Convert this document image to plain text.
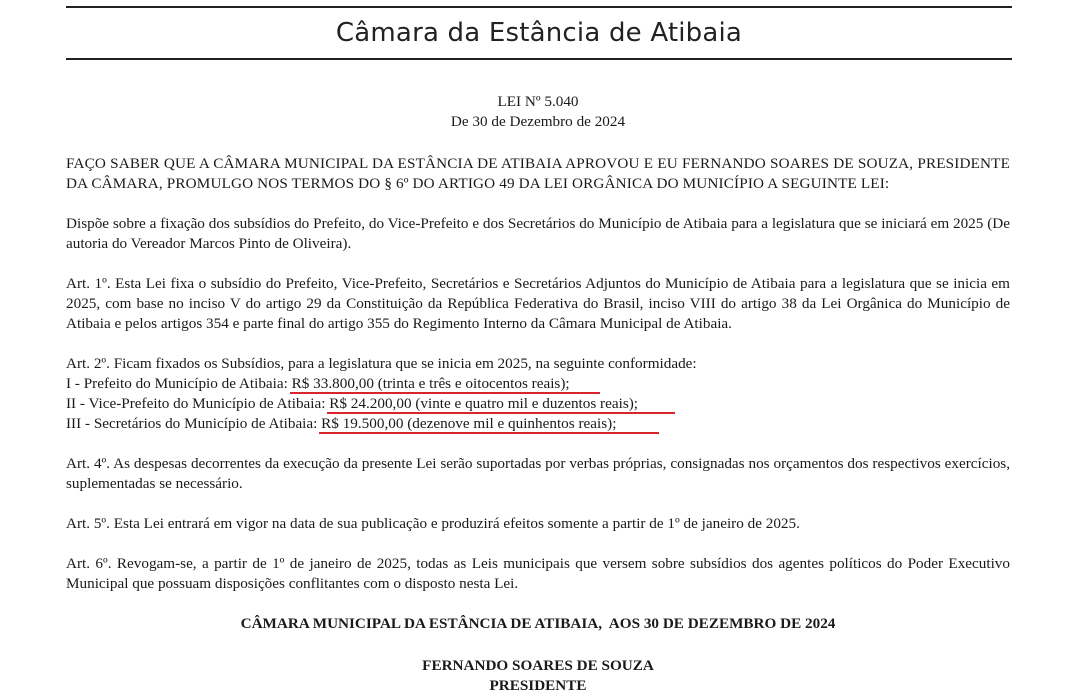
Câmara da Estância de Atibaia
LEI Nº 5.040
De 30 de Dezembro de 2024

FAÇO SABER QUE A CÂMARA MUNICIPAL DA ESTÂNCIA DE ATIBAIA APROVOU E EU FERNANDO SOARES DE SOUZA, PRESIDENTE DA CÂMARA, PROMULGO NOS TERMOS DO § 6º DO ARTIGO 49 DA LEI ORGÂNICA DO MUNICÍPIO A SEGUINTE LEI:

Dispõe sobre a fixação dos subsídios do Prefeito, do Vice-Prefeito e dos Secretários do Município de Atibaia para a legislatura que se iniciará em 2025 (De autoria do Vereador Marcos Pinto de Oliveira).

Art. 1º. Esta Lei fixa o subsídio do Prefeito, Vice-Prefeito, Secretários e Secretários Adjuntos do Município de Atibaia para a legislatura que se inicia em 2025, com base no inciso V do artigo 29 da Constituição da República Federativa do Brasil, inciso VIII do artigo 38 da Lei Orgânica do Município de Atibaia e pelos artigos 354 e parte final do artigo 355 do Regimento Interno da Câmara Municipal de Atibaia.

Art. 2º. Ficam fixados os Subsídios, para a legislatura que se inicia em 2025, na seguinte conformidade:
I - Prefeito do Município de Atibaia: R$ 33.800,00 (trinta e três e oitocentos reais);
II - Vice-Prefeito do Município de Atibaia: R$ 24.200,00 (vinte e quatro mil e duzentos reais);
III - Secretários do Município de Atibaia: R$ 19.500,00 (dezenove mil e quinhentos reais);

Art. 4º. As despesas decorrentes da execução da presente Lei serão suportadas por verbas próprias, consignadas nos orçamentos dos respectivos exercícios, suplementadas se necessário.

Art. 5º. Esta Lei entrará em vigor na data de sua publicação e produzirá efeitos somente a partir de 1º de janeiro de 2025.

Art. 6º. Revogam-se, a partir de 1º de janeiro de 2025, todas as Leis municipais que versem sobre subsídios dos agentes políticos do Poder Executivo Municipal que possuam disposições conflitantes com o disposto nesta Lei.

CÂMARA MUNICIPAL DA ESTÂNCIA DE ATIBAIA,  AOS 30 DE DEZEMBRO DE 2024
FERNANDO SOARES DE SOUZA
PRESIDENTE
